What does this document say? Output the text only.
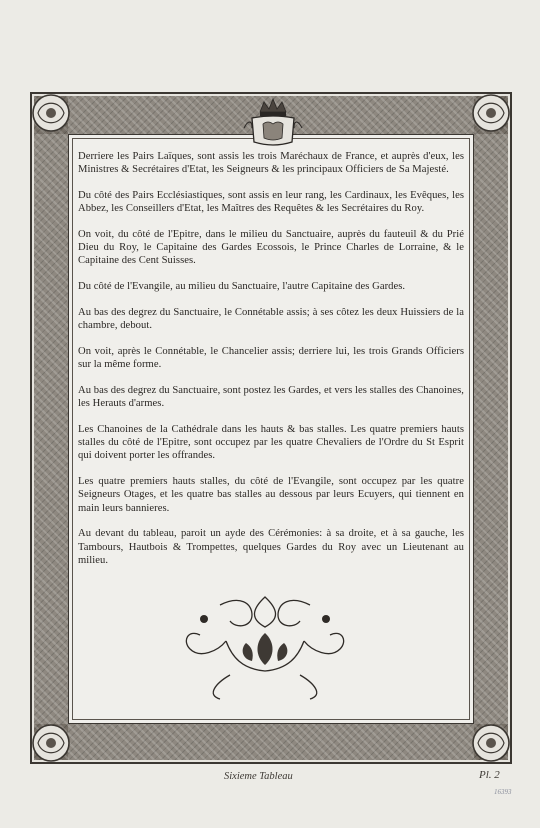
Derriere les Pairs Laïques, sont assis les trois Maréchaux de France, et auprès d'eux, les Ministres & Secrétaires d'Etat, les Seigneurs & les principaux Officiers de Sa Majesté.

Du côté des Pairs Ecclésiastiques, sont assis en leur rang, les Cardinaux, les Evêques, les Abbez, les Conseillers d'Etat, les Maîtres des Requêtes & les Secrétaires du Roy.

On voit, du côté de l'Epitre, dans le milieu du Sanctuaire, auprès du fauteuil & du Prié Dieu du Roy, le Capitaine des Gardes Ecossois, le Prince Charles de Lorraine, & le Capitaine des Cent Suisses.

Du côté de l'Evangile, au milieu du Sanctuaire, l'autre Capitaine des Gardes.

Au bas des degrez du Sanctuaire, le Connétable assis; à ses côtez les deux Huissiers de la chambre, debout.

On voit, après le Connétable, le Chancelier assis; derriere lui, les trois Grands Officiers sur la même forme.

Au bas des degrez du Sanctuaire, sont postez les Gardes, et vers les stalles des Chanoines, les Herauts d'armes.

Les Chanoines de la Cathédrale dans les hauts & bas stalles. Les quatre premiers hauts stalles du côté de l'Epitre, sont occupez par les quatre Chevaliers de l'Ordre du St Esprit qui doivent porter les offrandes.

Les quatre premiers hauts stalles, du côté de l'Evangile, sont occupez par les quatre Seigneurs Otages, et les quatre bas stalles au dessous par leurs Ecuyers, qui tiennent en main leurs bannieres.

Au devant du tableau, paroit un ayde des Cérémonies: à sa droite, et à sa gauche, les Tambours, Hautbois & Trompettes, quelques Gardes du Roy avec un Lieutenant au milieu.

Sixieme Tableau	Pl. 2
16393
